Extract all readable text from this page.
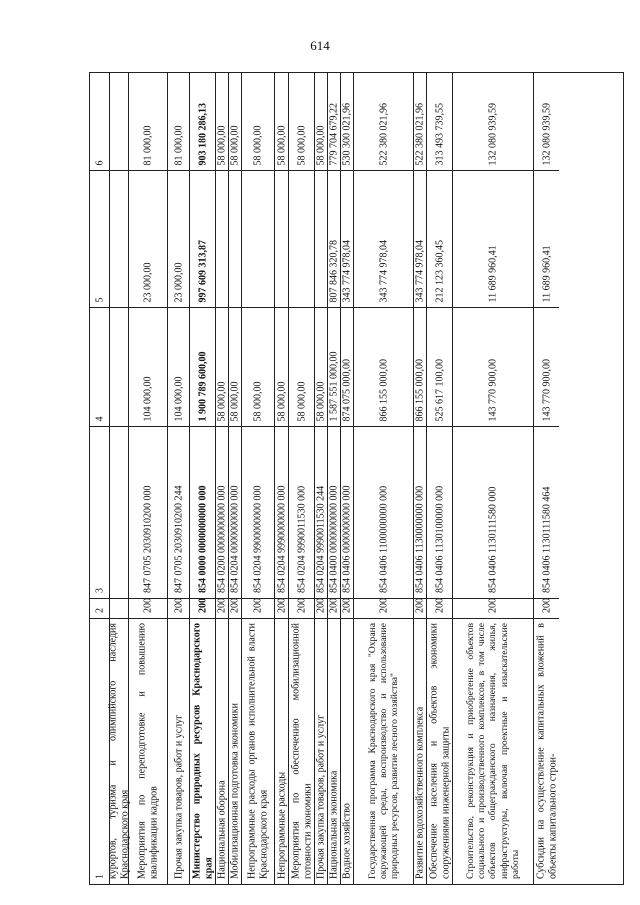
614
6
5
4
3
2
1 курортов, туризма и олимпийского наследия Краснодарского края
81 000,00
23 000,00
104 000,00
847 0705 2030910200 000
200
Мероприятия по переподготовке и повышению квалификации кадров
81 000,00
23 000,00
104 000,00
847 0705 2030910200 244
200
Прочая закупка товаров, работ и услуг
903 180 286,13
997 609 313,87
1 900 789 600,00
854 0000 0000000000 000
200
Министерство природных ресурсов Краснодарского края
58 000,00
58 000,00
854 0200 0000000000 000
200
Национальная оборона
58 000,00
58 000,00
854 0204 0000000000 000
200
Мобилизационная подготовка экономики
58 000,00
58 000,00
854 0204 9900000000 000
200
Непрограммные расходы органов исполнительной власти Краснодарского края
58 000,00
58 000,00
854 0204 9990000000 000
200
Непрограммные расходы
58 000,00
58 000,00
854 0204 9990011530 000
200
Мероприятия по обеспечению мобилизационной готовности экономики
58 000,00
58 000,00
854 0204 9990011530 244
200
Прочая закупка товаров, работ и услуг
779 704 679,22
807 846 320,78
1 587 551 000,00
854 0400 0000000000 000
200
Национальная экономика
530 300 021,96
343 774 978,04
874 075 000,00
854 0406 0000000000 000
200
Водное хозяйство
522 380 021,96
343 774 978,04
866 155 000,00
854 0406 1100000000 000
200
Государственная программа Краснодарского края "Охрана окружающей среды, воспроизводство и использование природных ресурсов, развитие лесного хозяйства"
522 380 021,96
343 774 978,04
866 155 000,00
854 0406 1130000000 000
200
Развитие водохозяйственного комплекса
313 493 739,55
212 123 360,45
525 617 100,00
854 0406 1130100000 000
200
Обеспечение населения и объектов экономики сооружениями инженерной защиты
132 080 939,59
11 689 960,41
143 770 900,00
854 0406 1130111580 000
200
Строительство, реконструкция и приобретение объектов социального и производственного комплексов, в том числе объектов общегражданского назначения, жилья, инфраструктуры, включая проектные и изыскательские работы
132 080 939,59
11 689 960,41
143 770 900,00
854 0406 1130111580 464
200
Субсидии на осуществление капитальных вложений в объекты капитального строи-
